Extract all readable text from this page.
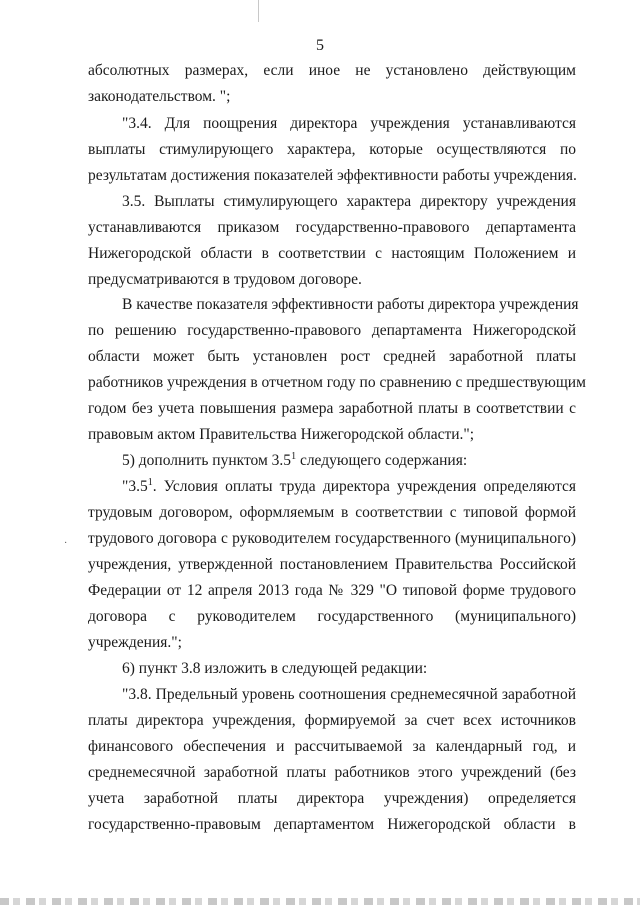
5
абсолютных размерах, если иное не установлено действующим
законодательством. ";
"3.4. Для поощрения директора учреждения устанавливаются
выплаты стимулирующего характера, которые осуществляются по
результатам достижения показателей эффективности работы учреждения.
3.5. Выплаты стимулирующего характера директору учреждения
устанавливаются приказом государственно-правового департамента
Нижегородской области в соответствии с настоящим Положением и
предусматриваются в трудовом договоре.
В качестве показателя эффективности работы директора учреждения
по решению государственно-правового департамента Нижегородской
области может быть установлен рост средней заработной платы
работников учреждения в отчетном году по сравнению с предшествующим
годом без учета повышения размера заработной платы в соответствии с
правовым актом Правительства Нижегородской области.";
5) дополнить пунктом $3.5^1$ следующего содержания:
"$3.5^1$. Условия оплаты труда директора учреждения определяются
трудовым договором, оформляемым в соответствии с типовой формой
трудового договора с руководителем государственного (муниципального)
учреждения, утвержденной постановлением Правительства Российской
Федерации от 12 апреля 2013 года № 329 "О типовой форме трудового
договора с руководителем государственного (муниципального)
учреждения.";
6) пункт 3.8 изложить в следующей редакции:
"3.8. Предельный уровень соотношения среднемесячной заработной
платы директора учреждения, формируемой за счет всех источников
финансового обеспечения и рассчитываемой за календарный год, и
среднемесячной заработной платы работников этого учреждений (без
учета заработной платы директора учреждения) определяется
государственно-правовым департаментом Нижегородской области в
·
